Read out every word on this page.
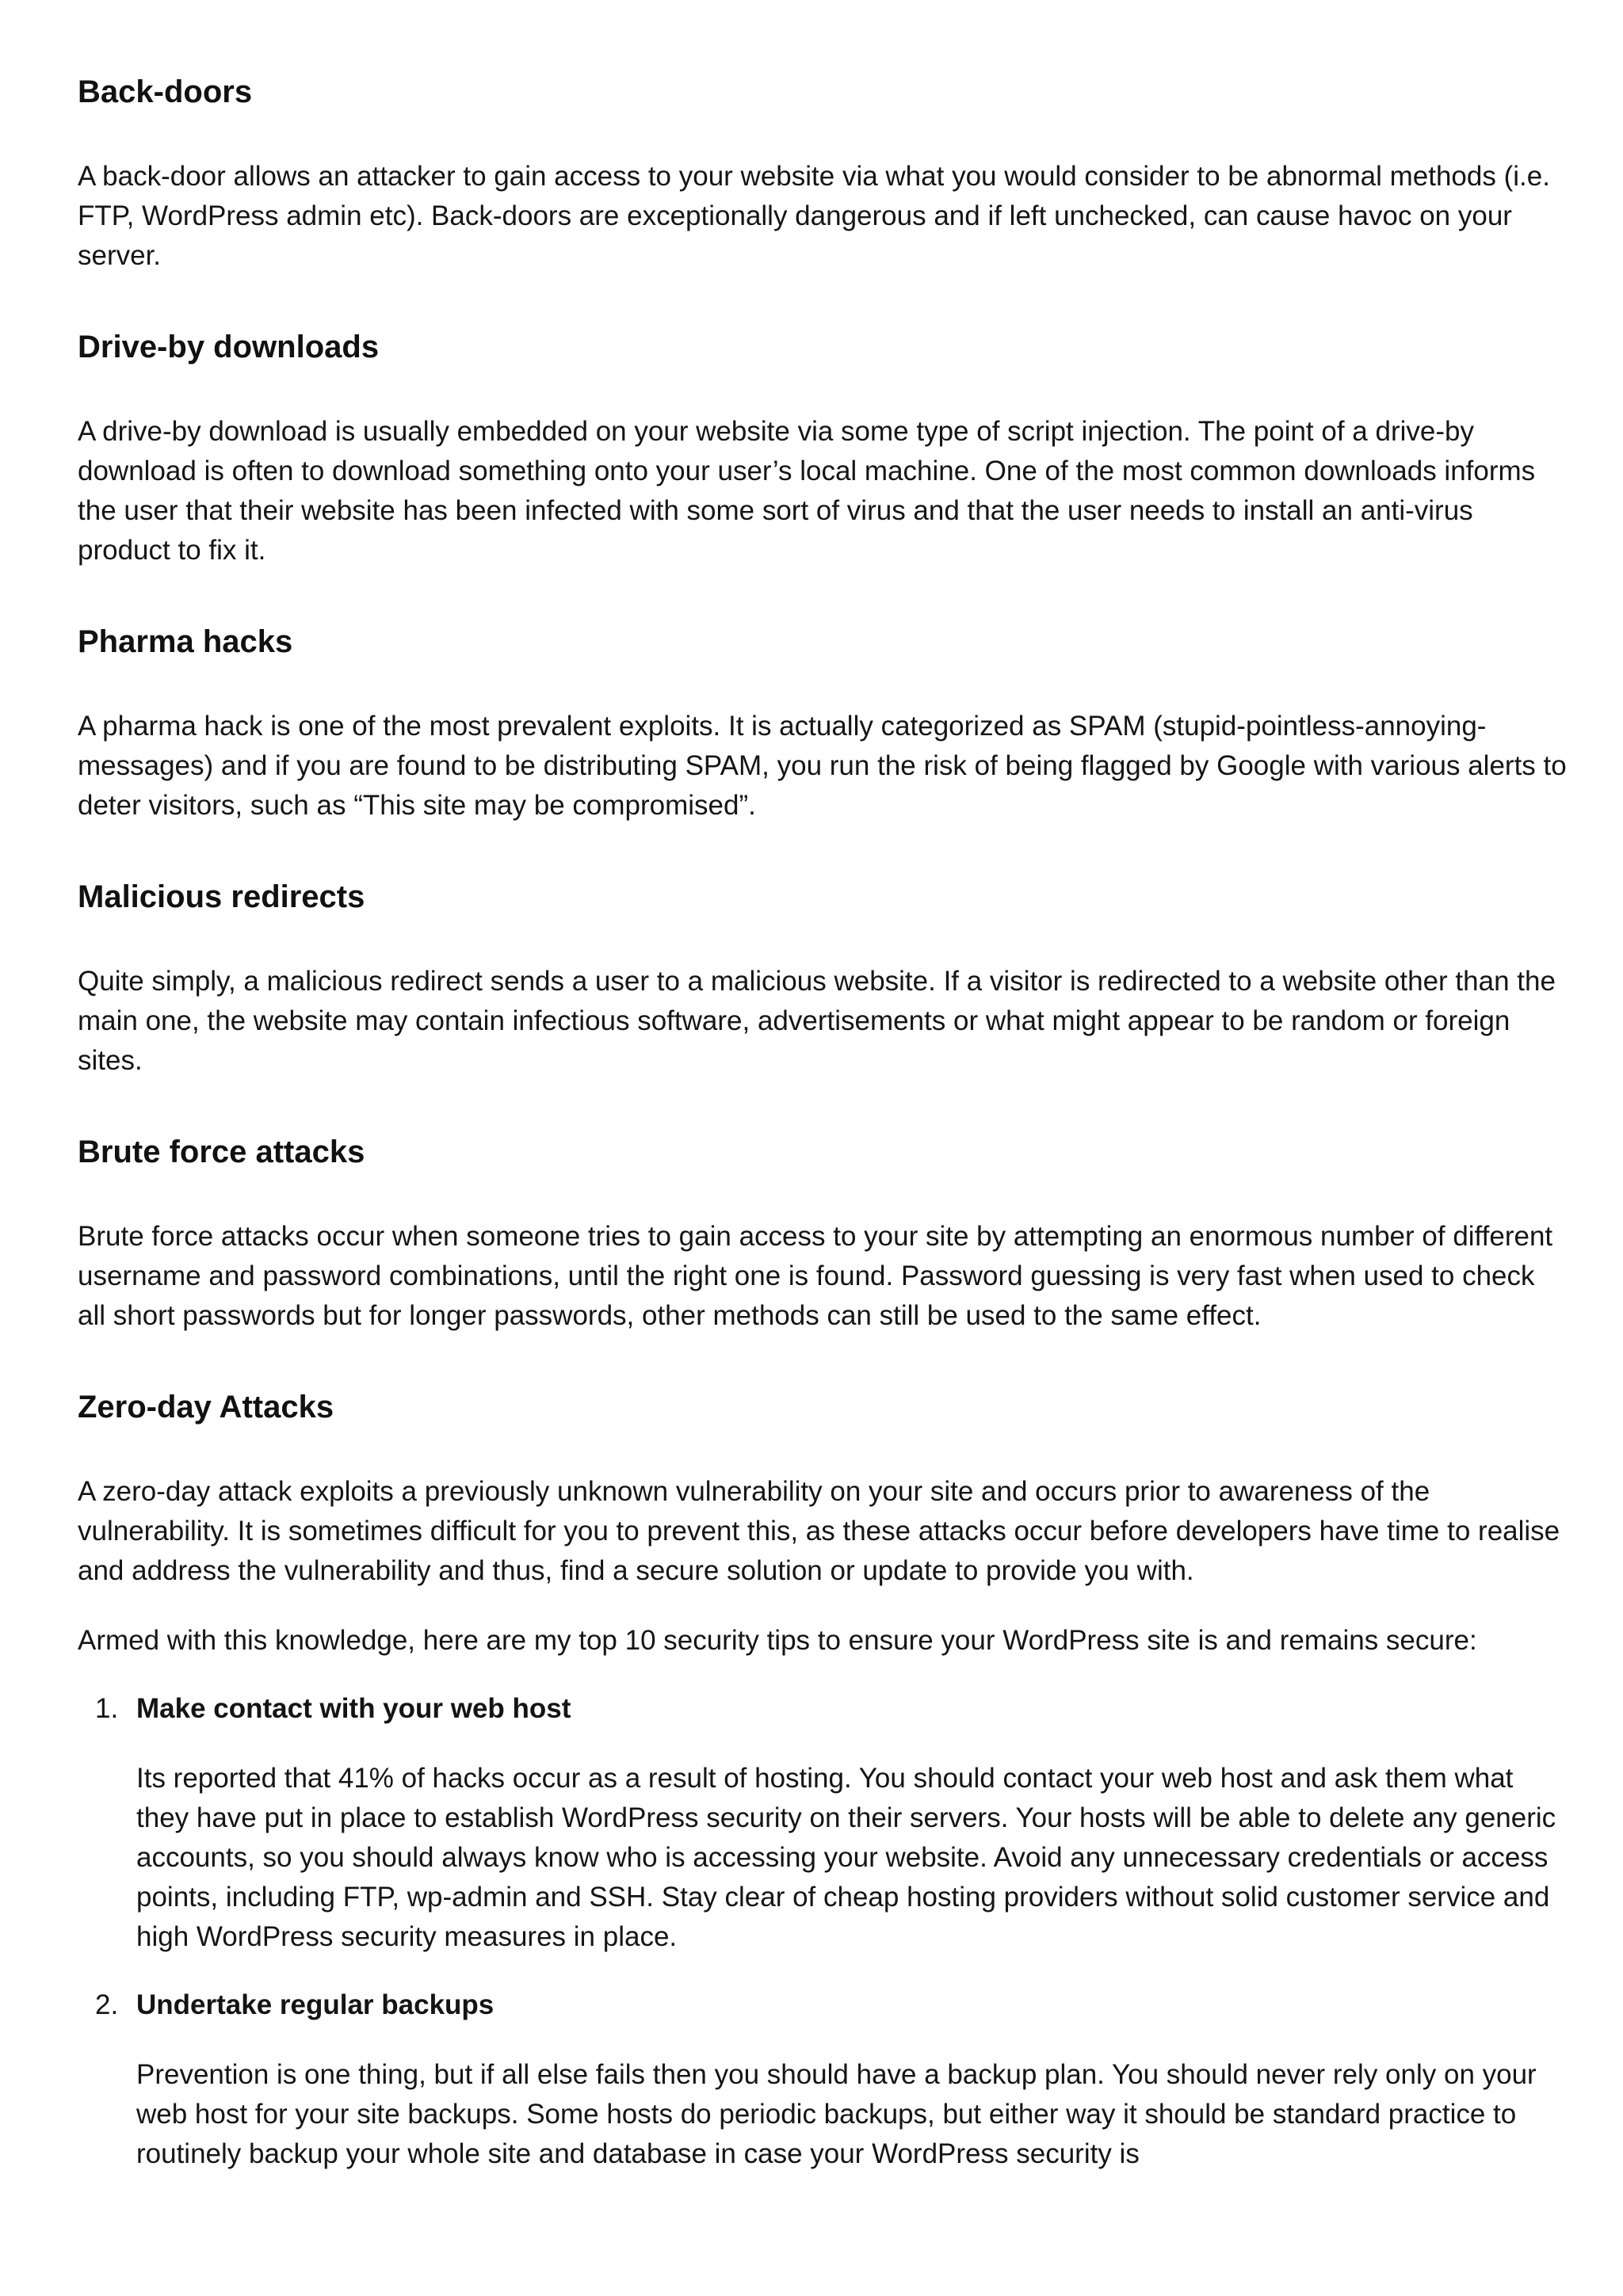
Back-doors

A back-door allows an attacker to gain access to your website via what you would consider to be abnormal methods (i.e. FTP, WordPress admin etc). Back-doors are exceptionally dangerous and if left unchecked, can cause havoc on your server.

Drive-by downloads

A drive-by download is usually embedded on your website via some type of script injection. The point of a drive-by download is often to download something onto your user’s local machine. One of the most common downloads informs the user that their website has been infected with some sort of virus and that the user needs to install an anti-virus product to fix it.

Pharma hacks

A pharma hack is one of the most prevalent exploits. It is actually categorized as SPAM (stupid-pointless-annoying-messages) and if you are found to be distributing SPAM, you run the risk of being flagged by Google with various alerts to deter visitors, such as “This site may be compromised”.

Malicious redirects

Quite simply, a malicious redirect sends a user to a malicious website. If a visitor is redirected to a website other than the main one, the website may contain infectious software, advertisements or what might appear to be random or foreign sites.

Brute force attacks

Brute force attacks occur when someone tries to gain access to your site by attempting an enormous number of different username and password combinations, until the right one is found. Password guessing is very fast when used to check all short passwords but for longer passwords, other methods can still be used to the same effect.

Zero-day Attacks

A zero-day attack exploits a previously unknown vulnerability on your site and occurs prior to awareness of the vulnerability. It is sometimes difficult for you to prevent this, as these attacks occur before developers have time to realise and address the vulnerability and thus, find a secure solution or update to provide you with.

Armed with this knowledge, here are my top 10 security tips to ensure your WordPress site is and remains secure:

1. Make contact with your web host

Its reported that 41% of hacks occur as a result of hosting. You should contact your web host and ask them what they have put in place to establish WordPress security on their servers. Your hosts will be able to delete any generic accounts, so you should always know who is accessing your website. Avoid any unnecessary credentials or access points, including FTP, wp-admin and SSH. Stay clear of cheap hosting providers without solid customer service and high WordPress security measures in place.

2. Undertake regular backups

Prevention is one thing, but if all else fails then you should have a backup plan. You should never rely only on your web host for your site backups. Some hosts do periodic backups, but either way it should be standard practice to routinely backup your whole site and database in case your WordPress security is
